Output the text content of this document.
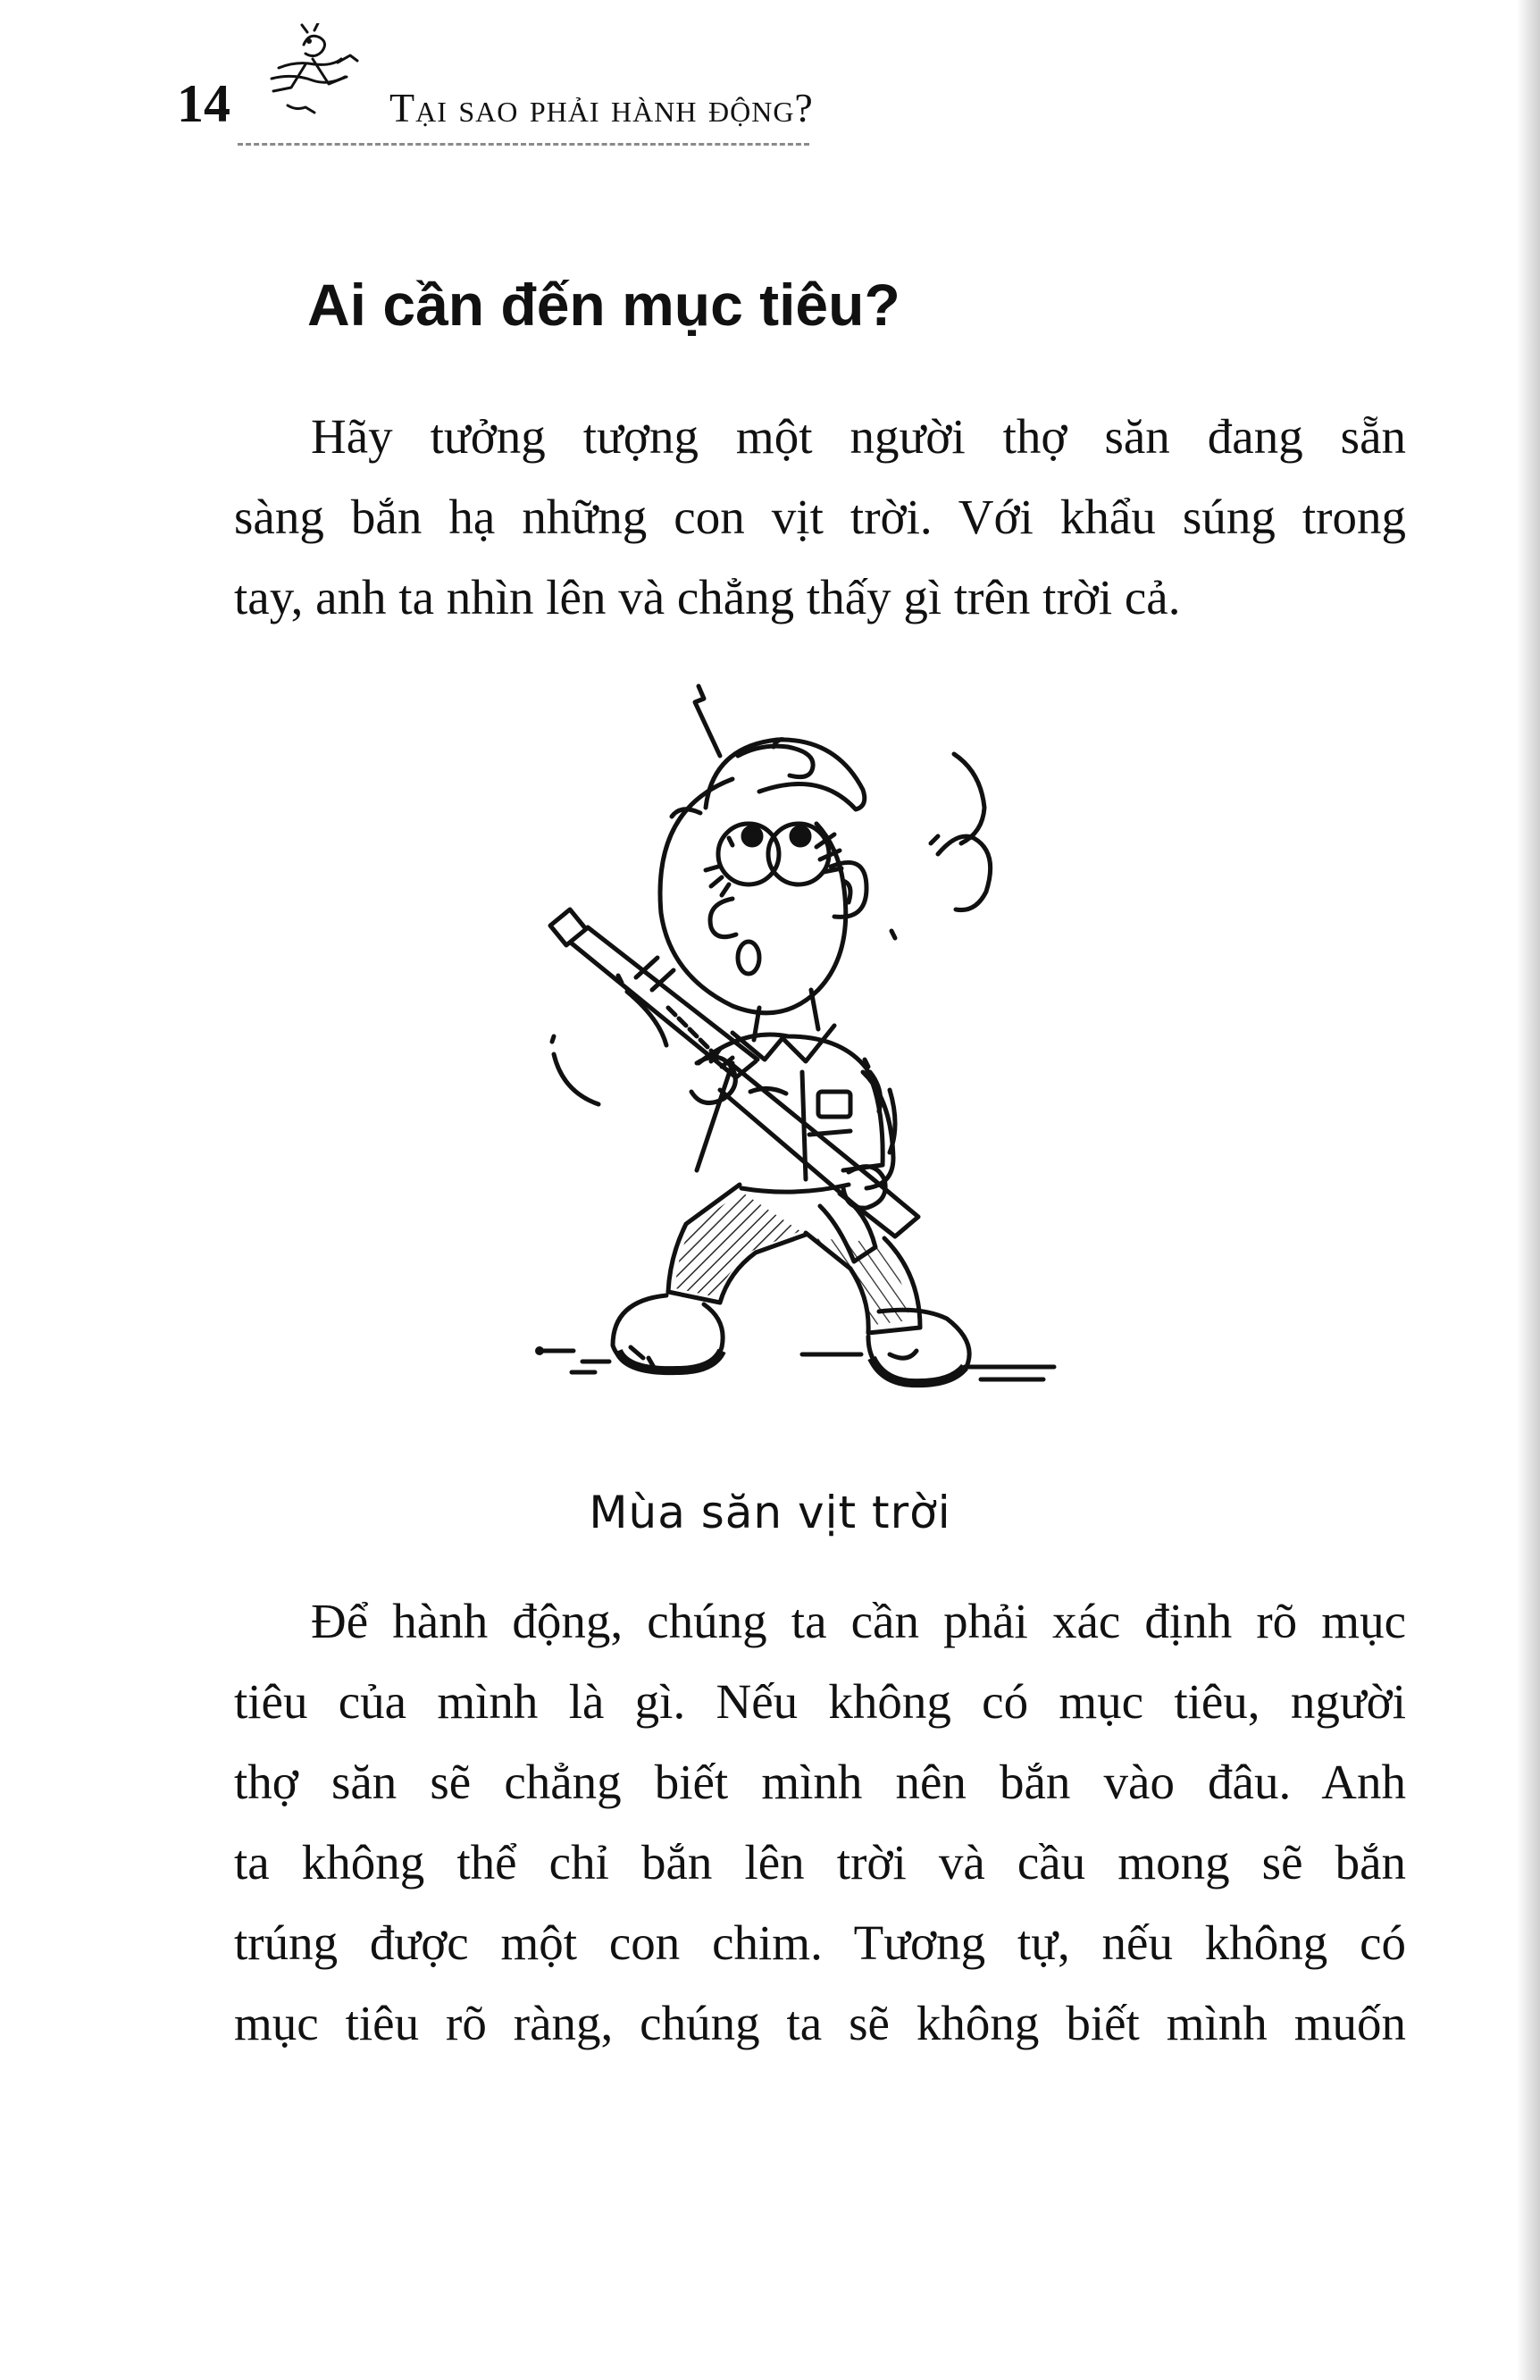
14	Tại sao phải hành động?
Ai cần đến mục tiêu?

Hãy tưởng tượng một người thợ săn đang sẵn
sàng bắn hạ những con vịt trời. Với khẩu súng trong
tay, anh ta nhìn lên và chẳng thấy gì trên trời cả.

Mùa săn vịt trời

Để hành động, chúng ta cần phải xác định rõ mục
tiêu của mình là gì. Nếu không có mục tiêu, người
thợ săn sẽ chẳng biết mình nên bắn vào đâu. Anh
ta không thể chỉ bắn lên trời và cầu mong sẽ bắn
trúng được một con chim. Tương tự, nếu không có
mục tiêu rõ ràng, chúng ta sẽ không biết mình muốn
